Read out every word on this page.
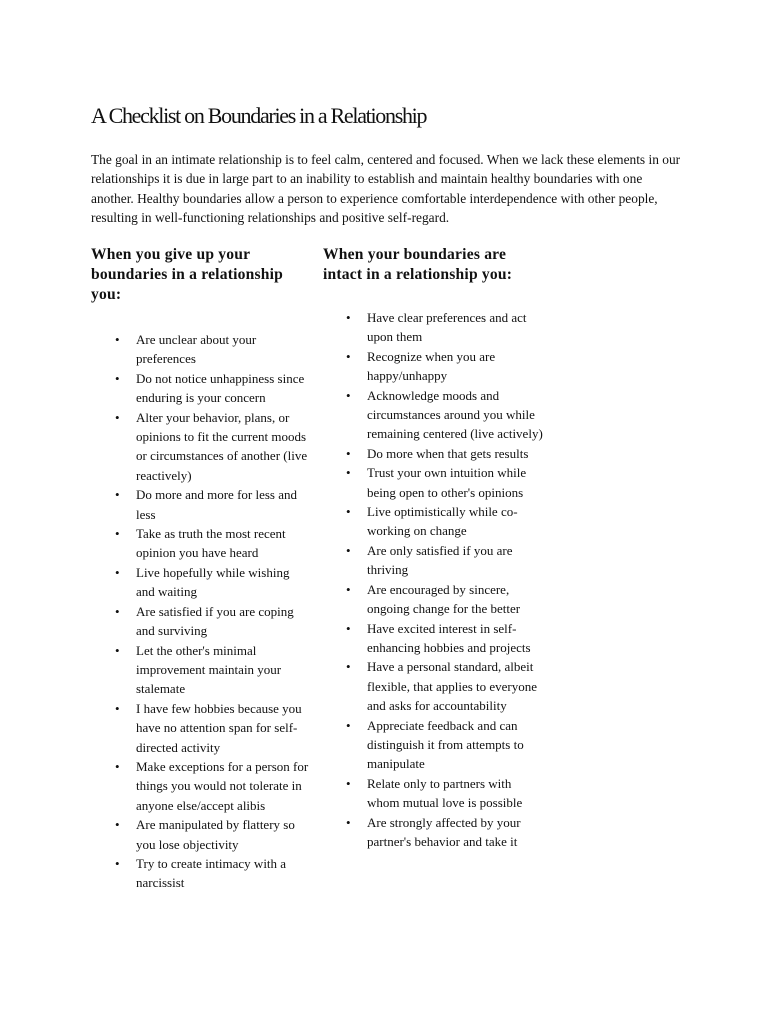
A Checklist on Boundaries in a Relationship

The goal in an intimate relationship is to feel calm, centered and focused. When we lack these elements in our relationships it is due in large part to an inability to establish and maintain healthy boundaries with one another. Healthy boundaries allow a person to experience comfortable interdependence with other people, resulting in well-functioning relationships and positive self-regard.

When you give up your boundaries in a relationship you:
• Are unclear about your preferences
• Do not notice unhappiness since enduring is your concern
• Alter your behavior, plans, or opinions to fit the current moods or circumstances of another (live reactively)
• Do more and more for less and less
• Take as truth the most recent opinion you have heard
• Live hopefully while wishing and waiting
• Are satisfied if you are coping and surviving
• Let the other's minimal improvement maintain your stalemate
• I have few hobbies because you have no attention span for self-directed activity
• Make exceptions for a person for things you would not tolerate in anyone else/accept alibis
• Are manipulated by flattery so you lose objectivity
• Try to create intimacy with a narcissist
When your boundaries are intact in a relationship you:
• Have clear preferences and act upon them
• Recognize when you are happy/unhappy
• Acknowledge moods and circumstances around you while remaining centered (live actively)
• Do more when that gets results
• Trust your own intuition while being open to other's opinions
• Live optimistically while co-working on change
• Are only satisfied if you are thriving
• Are encouraged by sincere, ongoing change for the better
• Have excited interest in self-enhancing hobbies and projects
• Have a personal standard, albeit flexible, that applies to everyone and asks for accountability
• Appreciate feedback and can distinguish it from attempts to manipulate
• Relate only to partners with whom mutual love is possible
• Are strongly affected by your partner's behavior and take it
